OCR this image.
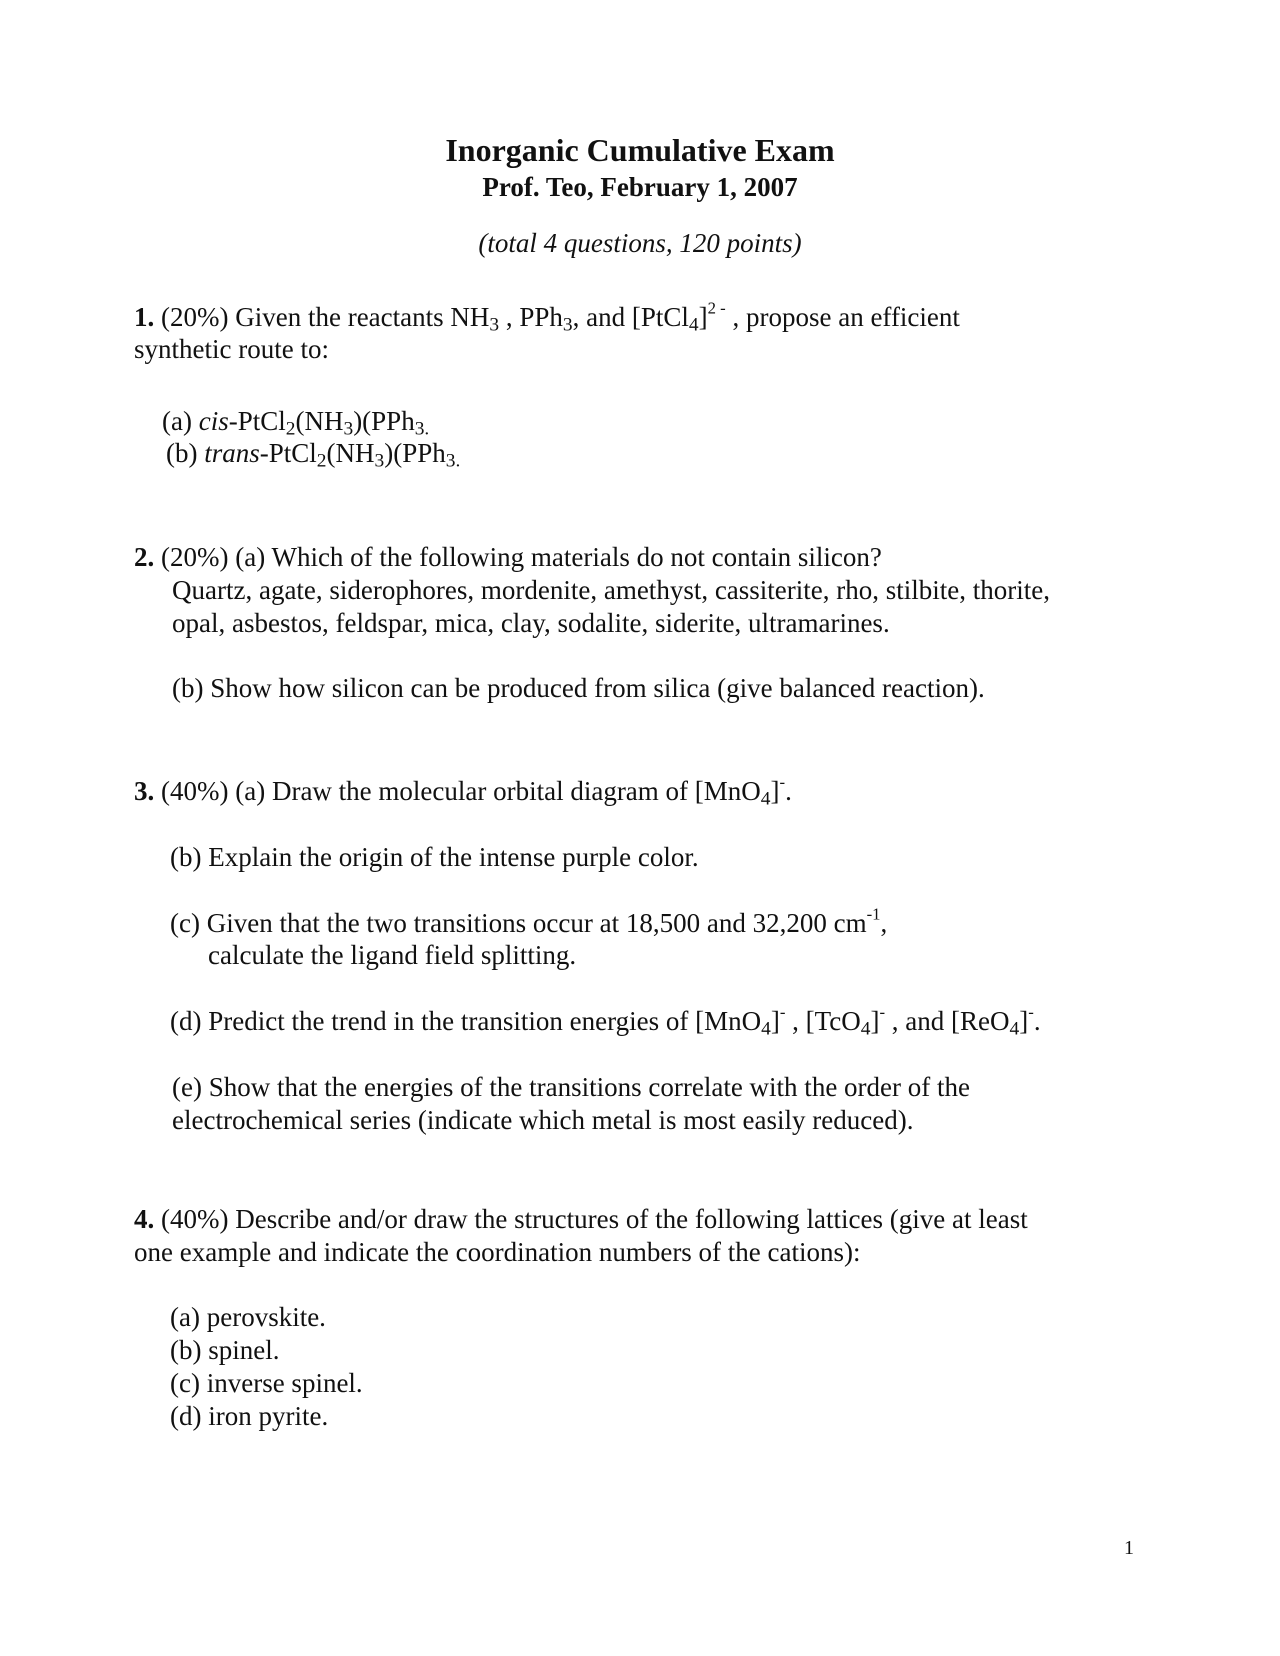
Inorganic Cumulative Exam
Prof. Teo, February 1, 2007
(total 4 questions, 120 points)
1. (20%) Given the reactants $NH_3$ , PPh$_3$, and [PtCl$_4$]$^{2 -}$ , propose an efficient
synthetic route to:
(a) cis-$PtCl_2(NH_3)(PPh_{3.}$
(b) trans-$PtCl_2(NH_3)(PPh_{3.}$
2. (20%) (a) Which of the following materials do not contain silicon?
Quartz, agate, siderophores, mordenite, amethyst, cassiterite, rho, stilbite, thorite,
opal, asbestos, feldspar, mica, clay, sodalite, siderite, ultramarines.
(b) Show how silicon can be produced from silica (give balanced reaction).
3. (40%) (a) Draw the molecular orbital diagram of [MnO$_4$]-.
(b) Explain the origin of the intense purple color.
(c) Given that the two transitions occur at 18,500 and 32,200 $cm^{-1}$,
calculate the ligand field splitting.
(d) Predict the trend in the transition energies of [MnO$_4$]- , [TcO$_4$]- , and [ReO$_4$]-.
(e) Show that the energies of the transitions correlate with the order of the
electrochemical series (indicate which metal is most easily reduced).
4. (40%) Describe and/or draw the structures of the following lattices (give at least
one example and indicate the coordination numbers of the cations):
(a) perovskite.
(b) spinel.
(c) inverse spinel.
(d) iron pyrite.
1
